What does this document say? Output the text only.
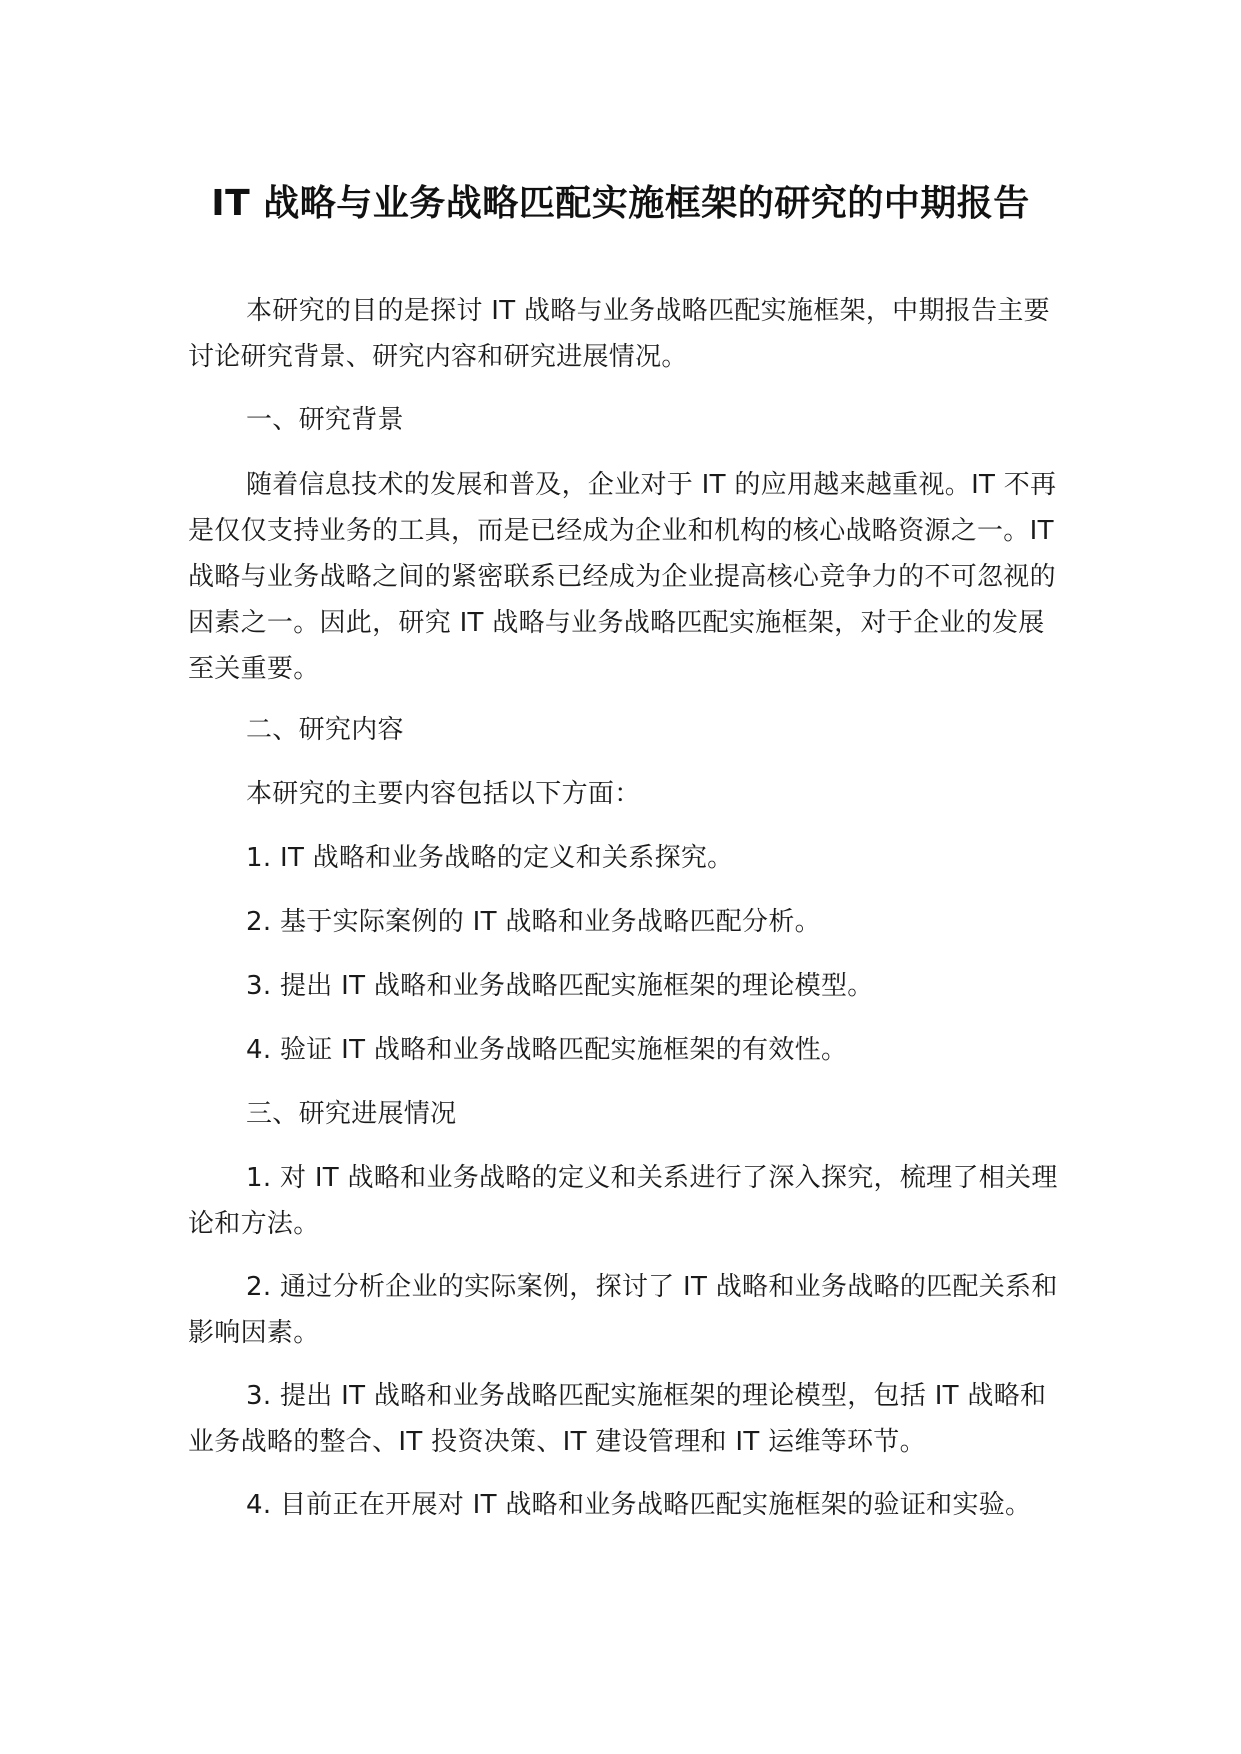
IT 战略与业务战略匹配实施框架的研究的中期报告

本研究的目的是探讨 IT 战略与业务战略匹配实施框架，中期报告主要讨论研究背景、研究内容和研究进展情况。

一、研究背景

随着信息技术的发展和普及，企业对于 IT 的应用越来越重视。IT 不再是仅仅支持业务的工具，而是已经成为企业和机构的核心战略资源之一。IT 战略与业务战略之间的紧密联系已经成为企业提高核心竞争力的不可忽视的因素之一。因此，研究 IT 战略与业务战略匹配实施框架，对于企业的发展至关重要。

二、研究内容

本研究的主要内容包括以下方面：

1. IT 战略和业务战略的定义和关系探究。

2. 基于实际案例的 IT 战略和业务战略匹配分析。

3. 提出 IT 战略和业务战略匹配实施框架的理论模型。

4. 验证 IT 战略和业务战略匹配实施框架的有效性。

三、研究进展情况

1. 对 IT 战略和业务战略的定义和关系进行了深入探究，梳理了相关理论和方法。

2. 通过分析企业的实际案例，探讨了 IT 战略和业务战略的匹配关系和影响因素。

3. 提出 IT 战略和业务战略匹配实施框架的理论模型，包括 IT 战略和业务战略的整合、IT 投资决策、IT 建设管理和 IT 运维等环节。

4. 目前正在开展对 IT 战略和业务战略匹配实施框架的验证和实验。
